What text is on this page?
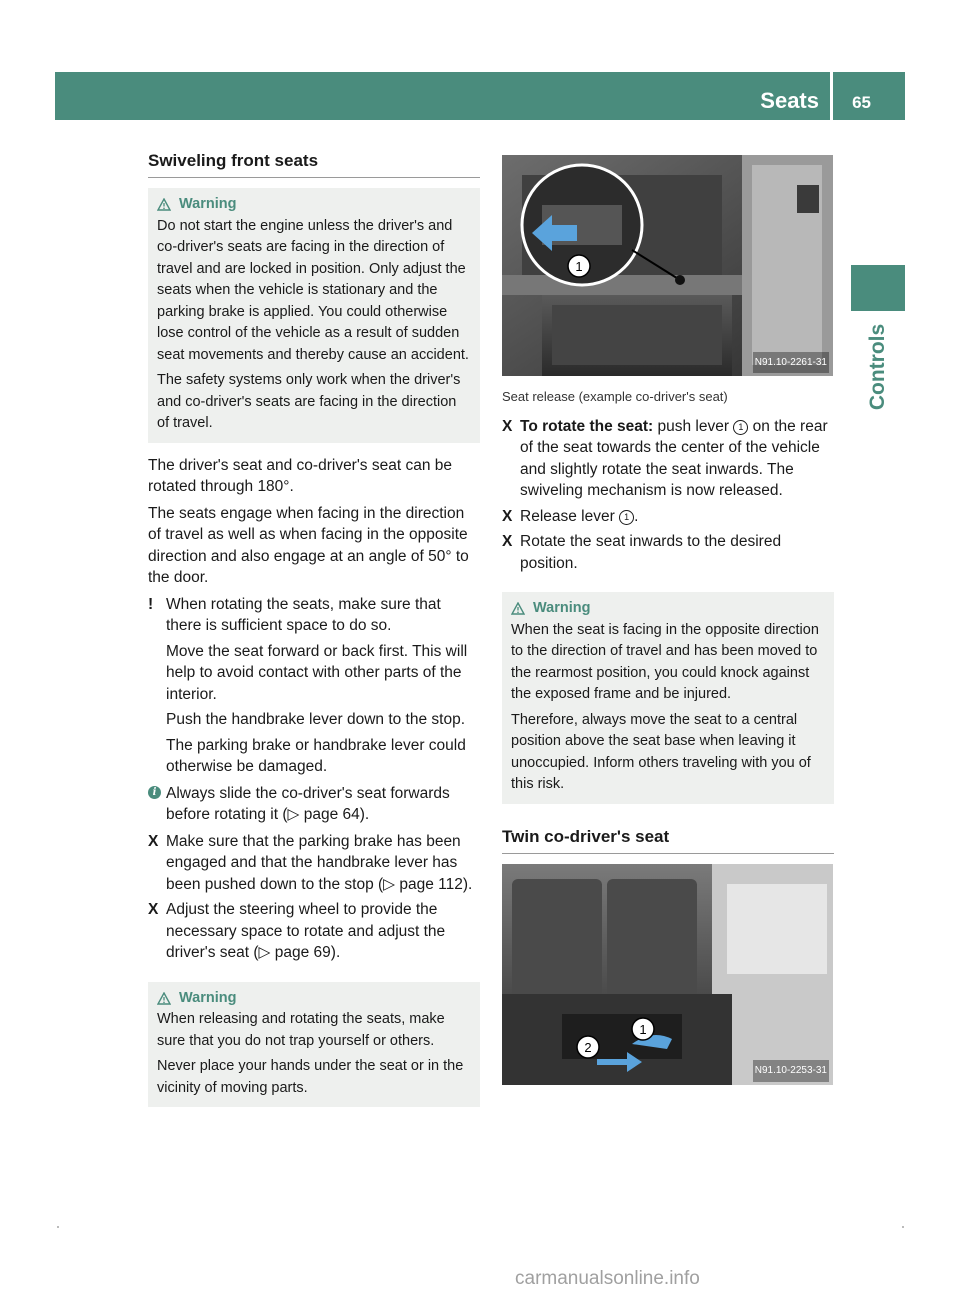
Seats 65
Controls
Swiveling front seats
Warning

Do not start the engine unless the driver's and co-driver's seats are facing in the direction of travel and are locked in position. Only adjust the seats when the vehicle is stationary and the parking brake is applied. You could otherwise lose control of the vehicle as a result of sudden seat movements and thereby cause an accident.

The safety systems only work when the driver's and co-driver's seats are facing in the direction of travel.

The driver's seat and co-driver's seat can be rotated through 180°.

The seats engage when facing in the direction of travel as well as when facing in the opposite direction and also engage at an angle of 50° to the door.

! When rotating the seats, make sure that there is sufficient space to do so.

Move the seat forward or back first. This will help to avoid contact with other parts of the interior.

Push the handbrake lever down to the stop.

The parking brake or handbrake lever could otherwise be damaged.

i Always slide the co-driver's seat forwards before rotating it (▷ page 64).

X Make sure that the parking brake has been engaged and that the handbrake lever has been pushed down to the stop (▷ page 112).

X Adjust the steering wheel to provide the necessary space to rotate and adjust the driver's seat (▷ page 69).

Warning

When releasing and rotating the seats, make sure that you do not trap yourself or others.

Never place your hands under the seat or in the vicinity of moving parts.

1
N91.10-2261-31
Seat release (example co-driver's seat)
X To rotate the seat: push lever 1 on the rear of the seat towards the center of the vehicle and slightly rotate the seat inwards. The swiveling mechanism is now released.

X Release lever 1 .

X Rotate the seat inwards to the desired position.

Warning

When the seat is facing in the opposite direction to the direction of travel and has been moved to the rearmost position, you could knock against the exposed frame and be injured.

Therefore, always move the seat to a central position above the seat base when leaving it unoccupied. Inform others traveling with you of this risk.

Twin co-driver's seat
1
2
N91.10-2253-31
carmanualsonline.info
